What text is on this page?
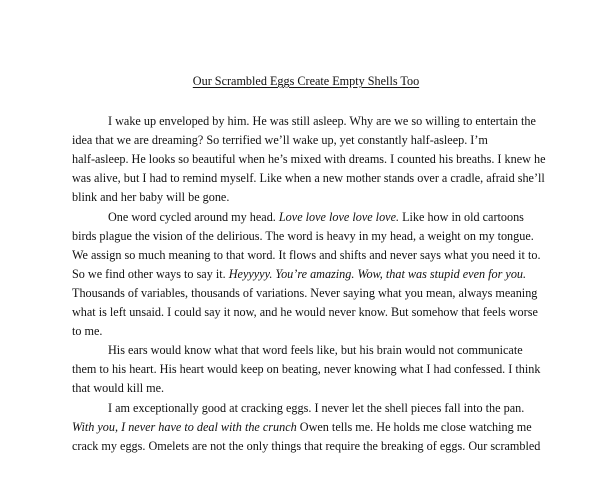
Our Scrambled Eggs Create Empty Shells Too
I wake up enveloped by him. He was still asleep. Why are we so willing to entertain the
idea that we are dreaming? So terrified we’ll wake up, yet constantly half-asleep. I’m
half-asleep. He looks so beautiful when he’s mixed with dreams. I counted his breaths. I knew he
was alive, but I had to remind myself. Like when a new mother stands over a cradle, afraid she’ll
blink and her baby will be gone.
One word cycled around my head. Love love love love love. Like how in old cartoons
birds plague the vision of the delirious. The word is heavy in my head, a weight on my tongue.
We assign so much meaning to that word. It flows and shifts and never says what you need it to.
So we find other ways to say it. Heyyyyy. You’re amazing. Wow, that was stupid even for you.
Thousands of variables, thousands of variations. Never saying what you mean, always meaning
what is left unsaid. I could say it now, and he would never know. But somehow that feels worse
to me.
His ears would know what that word feels like, but his brain would not communicate
them to his heart. His heart would keep on beating, never knowing what I had confessed. I think
that would kill me.
I am exceptionally good at cracking eggs. I never let the shell pieces fall into the pan.
With you, I never have to deal with the crunch Owen tells me. He holds me close watching me
crack my eggs. Omelets are not the only things that require the breaking of eggs. Our scrambled
